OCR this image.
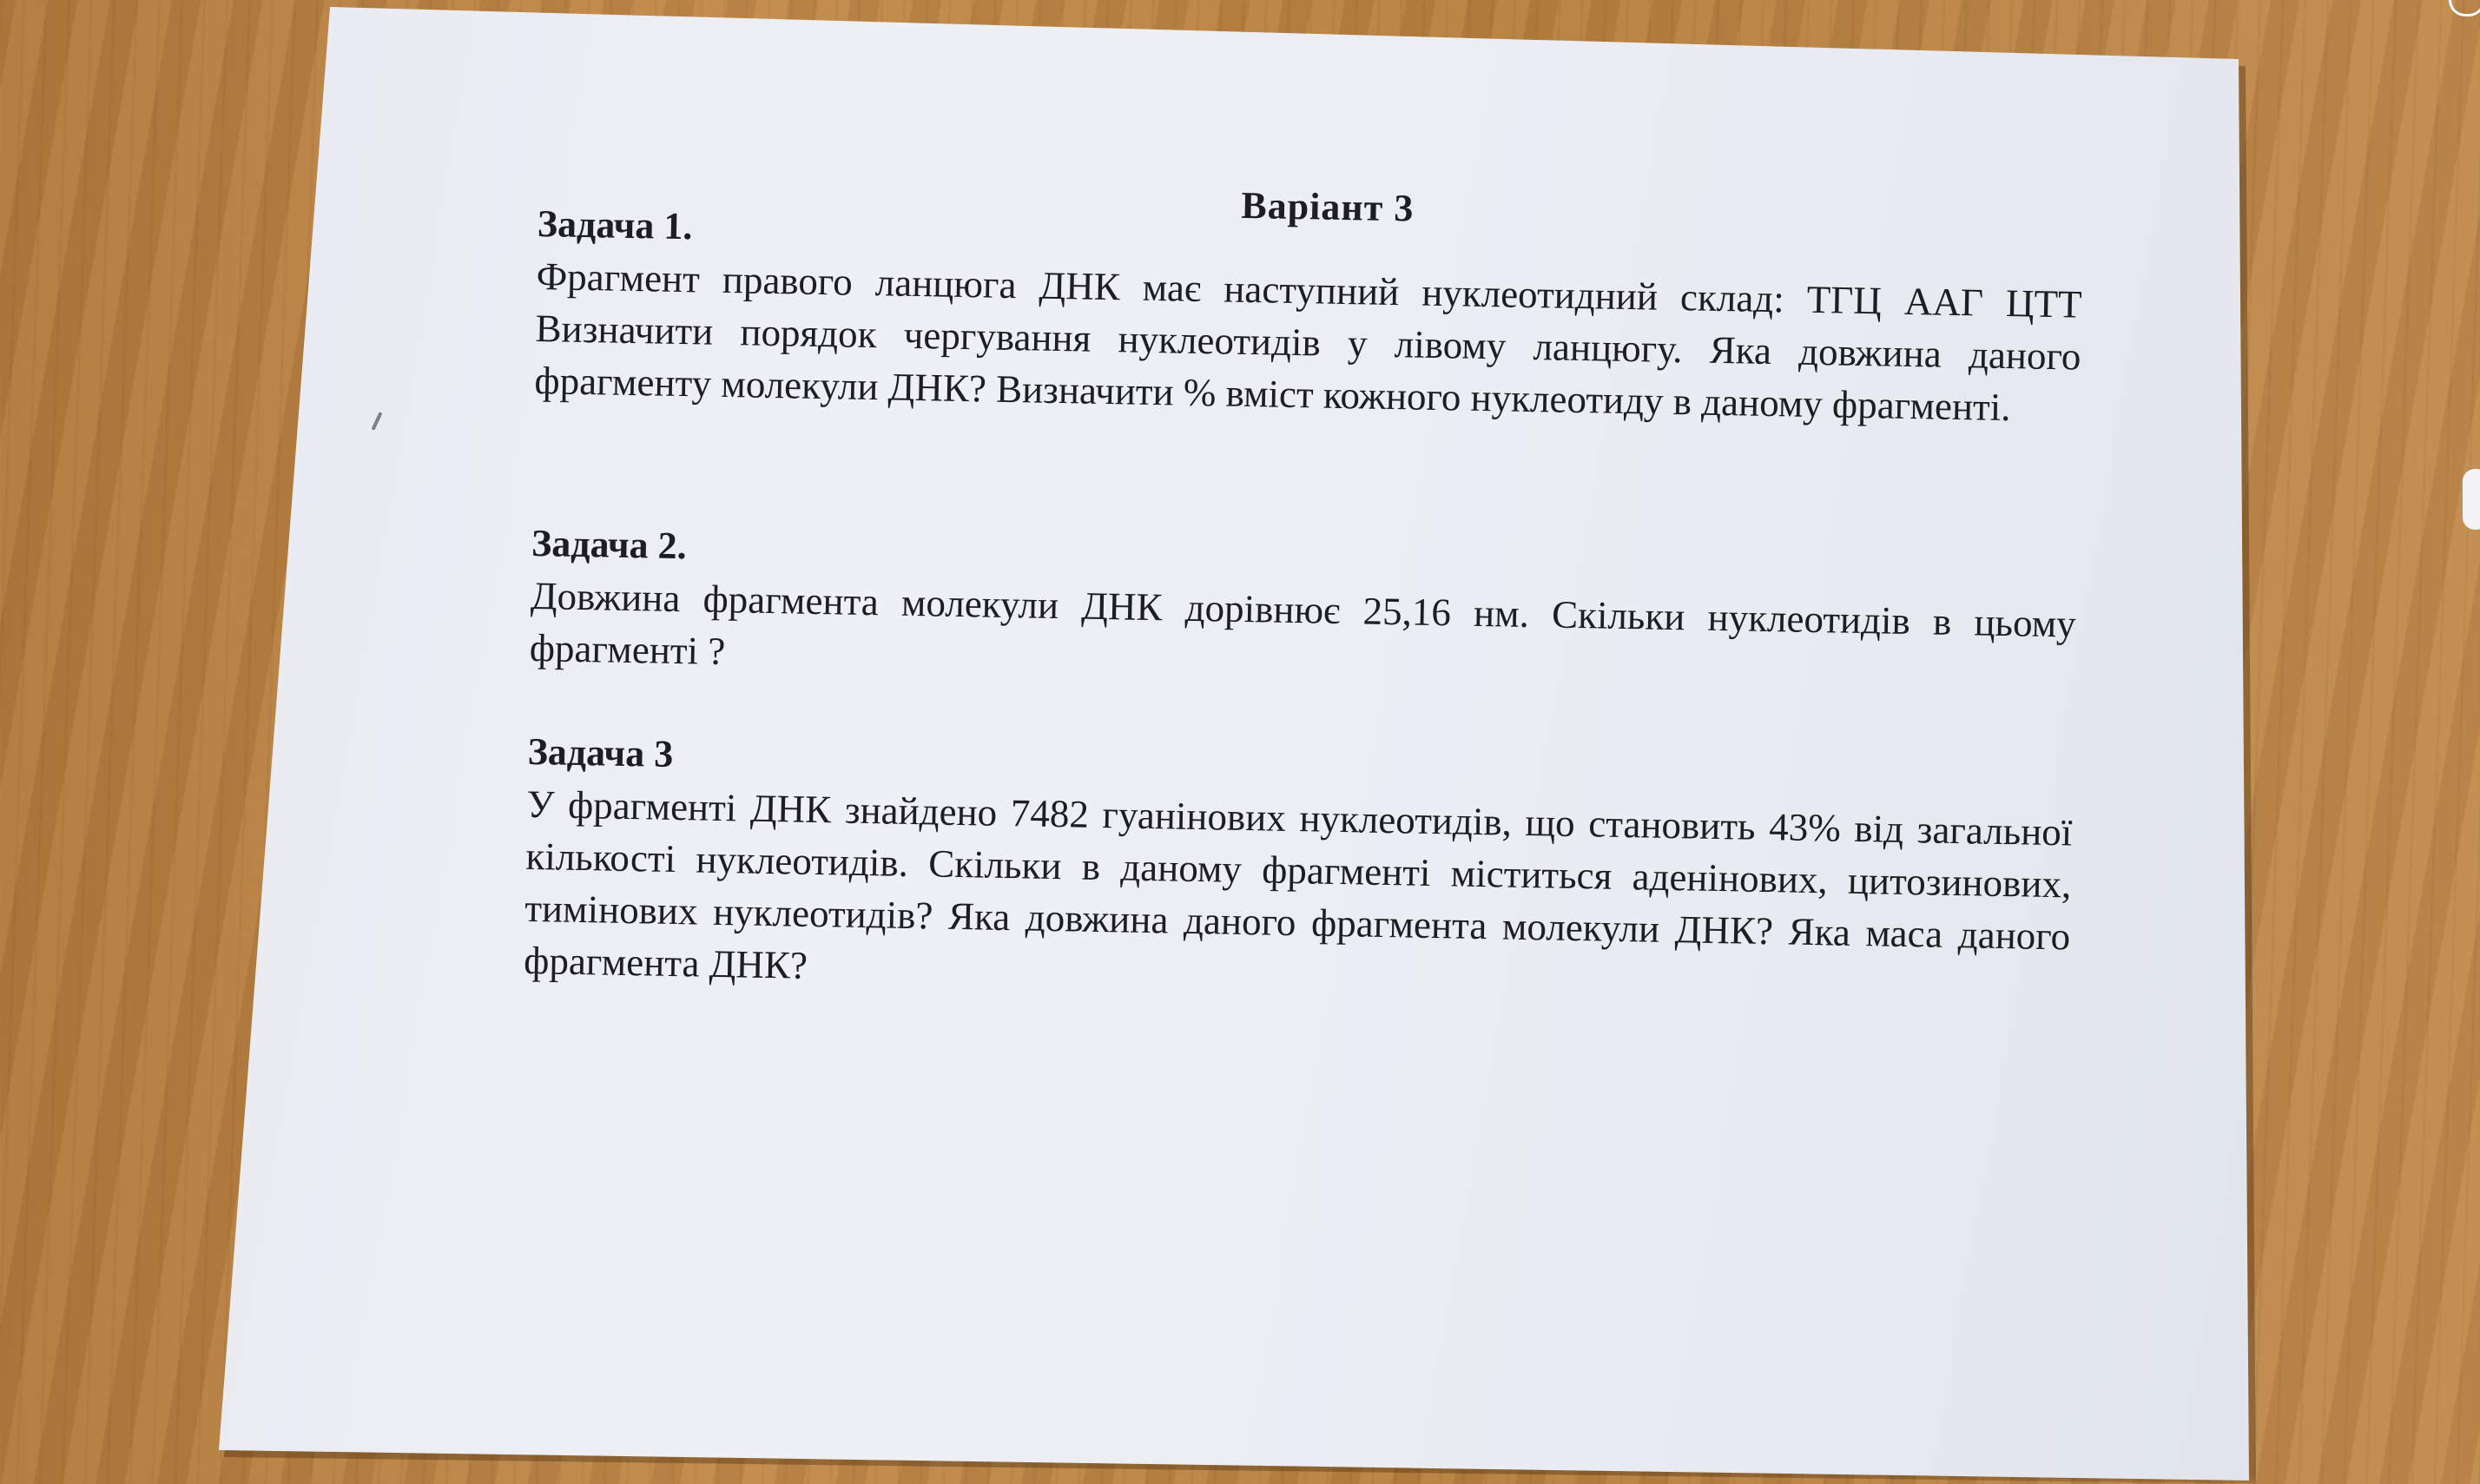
Варіант 3
Задача 1.

Фрагмент правого ланцюга ДНК має наступний нуклеотидний склад: ТГЦ ААГ ЦТТ Визначити порядок чергування нуклеотидів у лівому ланцюгу. Яка довжина даного фрагменту молекули ДНК? Визначити % вміст кожного нуклеотиду в даному фрагменті.

Задача 2.

Довжина фрагмента молекули ДНК дорівнює 25,16 нм. Скільки нуклеотидів в цьому фрагменті ?

Задача 3

У фрагменті ДНК знайдено 7482 гуанінових нуклеотидів, що становить 43% від загальної кількості нуклеотидів. Скільки в даному фрагменті міститься аденінових, цитозинових, тимінових нуклеотидів? Яка довжина даного фрагмента молекули ДНК? Яка маса даного фрагмента ДНК?
